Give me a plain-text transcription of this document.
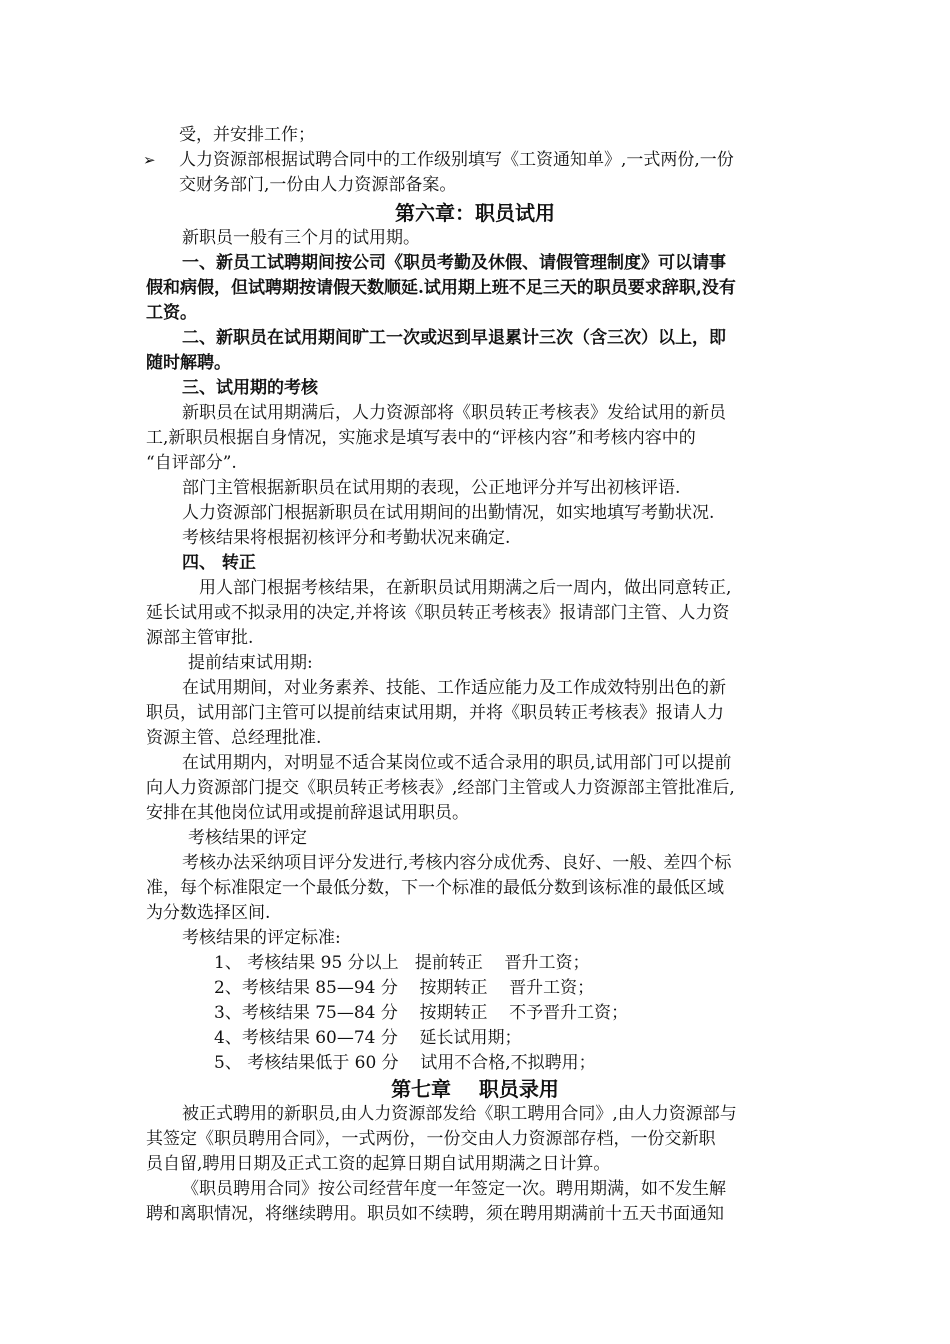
受，并安排工作；

➢ 人力资源部根据试聘合同中的工作级别填写《工资通知单》,一式两份,一份

交财务部门,一份由人力资源部备案。

第六章：职员试用

新职员一般有三个月的试用期。

一、新员工试聘期间按公司《职员考勤及休假、请假管理制度》可以请事

假和病假，但试聘期按请假天数顺延.试用期上班不足三天的职员要求辞职,没有

工资。

二、新职员在试用期间旷工一次或迟到早退累计三次（含三次）以上，即

随时解聘。

三、试用期的考核

新职员在试用期满后，人力资源部将《职员转正考核表》发给试用的新员

工,新职员根据自身情况，实施求是填写表中的“评核内容”和考核内容中的

“自评部分”.

部门主管根据新职员在试用期的表现，公正地评分并写出初核评语.

人力资源部门根据新职员在试用期间的出勤情况，如实地填写考勤状况.

考核结果将根据初核评分和考勤状况来确定.

四、 转正

用人部门根据考核结果，在新职员试用期满之后一周内，做出同意转正,

延长试用或不拟录用的决定,并将该《职员转正考核表》报请部门主管、人力资

源部主管审批.

提前结束试用期:

在试用期间，对业务素养、技能、工作适应能力及工作成效特别出色的新

职员，试用部门主管可以提前结束试用期，并将《职员转正考核表》报请人力

资源主管、总经理批准.

在试用期内，对明显不适合某岗位或不适合录用的职员,试用部门可以提前

向人力资源部门提交《职员转正考核表》,经部门主管或人力资源部主管批准后,

安排在其他岗位试用或提前辞退试用职员。

考核结果的评定

考核办法采纳项目评分发进行,考核内容分成优秀、良好、一般、差四个标

准，每个标准限定一个最低分数，下一个标准的最低分数到该标准的最低区域

为分数选择区间.

考核结果的评定标准:

1、 考核结果 95 分以上   提前转正    晋升工资；

2、考核结果 85—94 分    按期转正    晋升工资；

3、考核结果 75—84 分    按期转正    不予晋升工资；

4、考核结果 60—74 分    延长试用期；

5、 考核结果低于 60 分    试用不合格,不拟聘用；

第七章    职员录用

被正式聘用的新职员,由人力资源部发给《职工聘用合同》,由人力资源部与

其签定《职员聘用合同》，一式两份，一份交由人力资源部存档，一份交新职

员自留,聘用日期及正式工资的起算日期自试用期满之日计算。

《职员聘用合同》按公司经营年度一年签定一次。聘用期满，如不发生解

聘和离职情况，将继续聘用。职员如不续聘，须在聘用期满前十五天书面通知
